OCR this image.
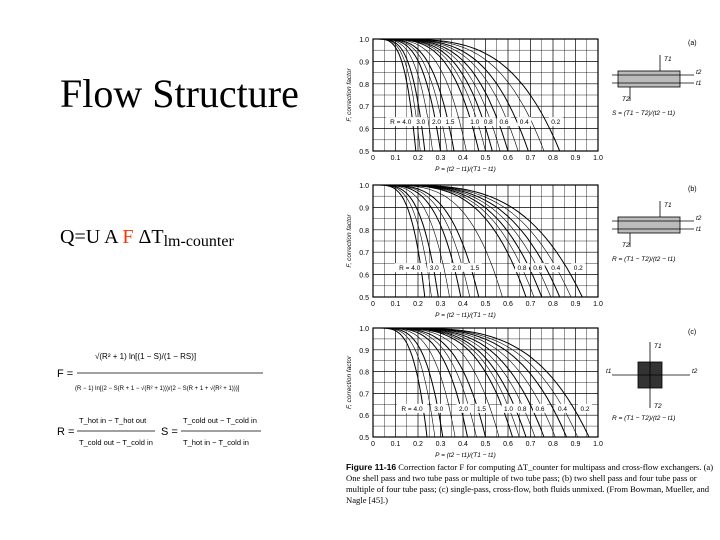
Flow Structure
Q=U A F ΔTlm-counter
F =
√(R² + 1) ln[(1 − S)/(1 − RS)]
(R − 1) ln[(2 − S(R + 1 − √(R² + 1)))/(2 − S(R + 1 + √(R² + 1)))]
R =
T_hot in − T_hot out
T_cold out − T_cold in
S =
T_cold out − T_cold in
T_hot in − T_cold in
0.5
0.6
0.7
0.8
0.9
1.0
0 0.1 0.2 0.3 0.4 0.5 0.6 0.7 0.8 0.9 1.0
F, correction factor
P = (t2 − t1)/(T1 − t1)
(a)
R = 4.0 3.0 2.0 1.5 1.0 0.8 0.6 0.4	0.2
T1
t2
t1
T2
S = (T1 − T2)/(t2 − t1)
0.5
0.6
0.7
0.8
0.9
1.0
0 0.1 0.2 0.3 0.4 0.5 0.6 0.7 0.8 0.9 1.0
F, correction factor
P = (t2 − t1)/(T1 − t1)
(b)
R = 4.0 3.0 2.0 1.5	0.8 0.6 0.4 0.2
T1
t2
t1
T2
R = (T1 − T2)/(t2 − t1)
0.5
0.6
0.7
0.8
0.9
1.0
0 0.1 0.2 0.3 0.4 0.5 0.6 0.7 0.8 0.9 1.0
F, correction factor
P = (t2 − t1)/(T1 − t1)
(c)
R = 4.0 3.0 2.0 1.5	1.0 0.8 0.6 0.4 0.2
T1
t1	t2
T2
R = (T1 − T2)/(t2 − t1)
Figure 11-16 Correction factor F for computing ΔT_counter for multipass and cross-flow exchangers. (a) One shell pass and two tube pass or multiple of two tube pass; (b) two shell pass and four tube pass or multiple of four tube pass; (c) single-pass, cross-flow, both fluids unmixed. (From Bowman, Mueller, and Nagle [45].)
